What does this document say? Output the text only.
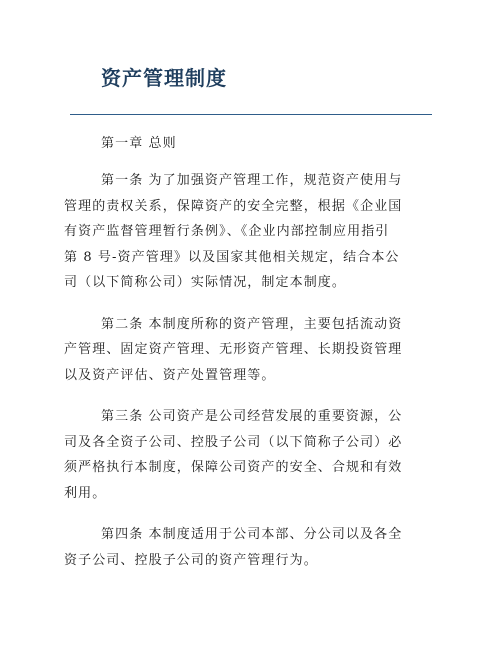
资产管理制度
第一章 总则
第一条 为了加强资产管理工作，规范资产使用与
管理的责权关系，保障资产的安全完整，根据《企业国
有资产监督管理暂行条例》、《企业内部控制应用指引
第 8 号-资产管理》以及国家其他相关规定，结合本公
司（以下简称公司）实际情况，制定本制度。
第二条 本制度所称的资产管理，主要包括流动资
产管理、固定资产管理、无形资产管理、长期投资管理
以及资产评估、资产处置管理等。
第三条 公司资产是公司经营发展的重要资源，公
司及各全资子公司、控股子公司（以下简称子公司）必
须严格执行本制度，保障公司资产的安全、合规和有效
利用。
第四条 本制度适用于公司本部、分公司以及各全
资子公司、控股子公司的资产管理行为。
